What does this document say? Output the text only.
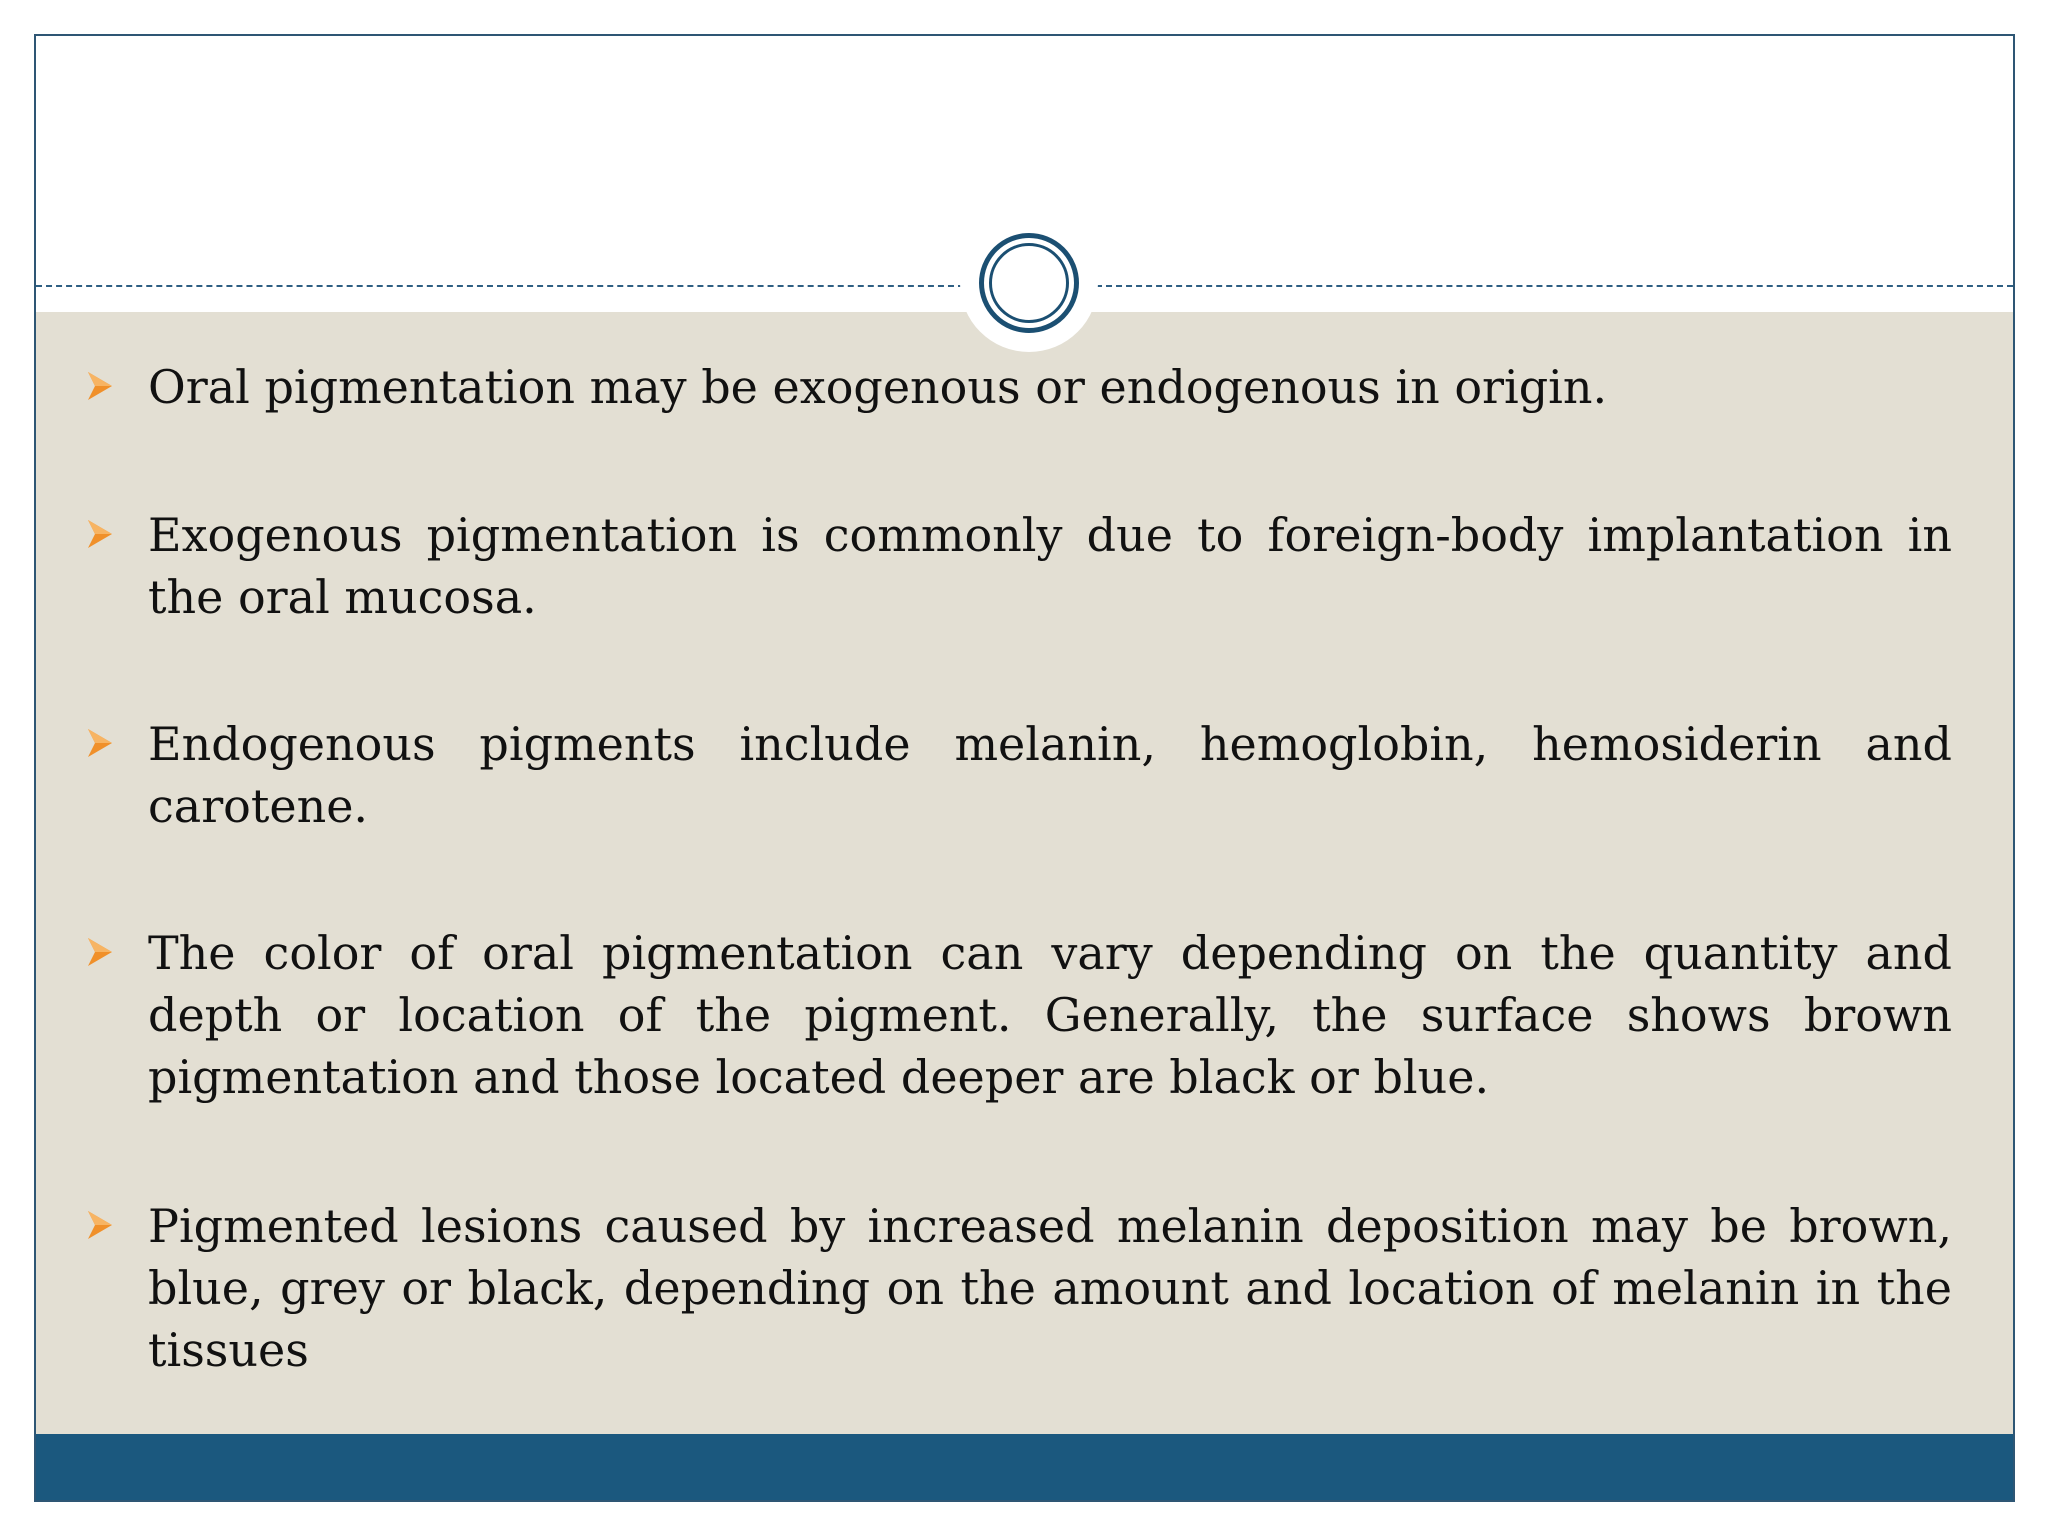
Oral pigmentation may be exogenous or endogenous in origin.
Exogenous pigmentation is commonly due to foreign-body implantation in the oral mucosa.
Endogenous pigments include melanin, hemoglobin, hemosiderin and carotene.
The color of oral pigmentation can vary depending on the quantity and depth or location of the pigment. Generally, the surface shows brown pigmentation and those located deeper are black or blue.
Pigmented lesions caused by increased melanin deposition may be brown, blue, grey or black, depending on the amount and location of melanin in the tissues
